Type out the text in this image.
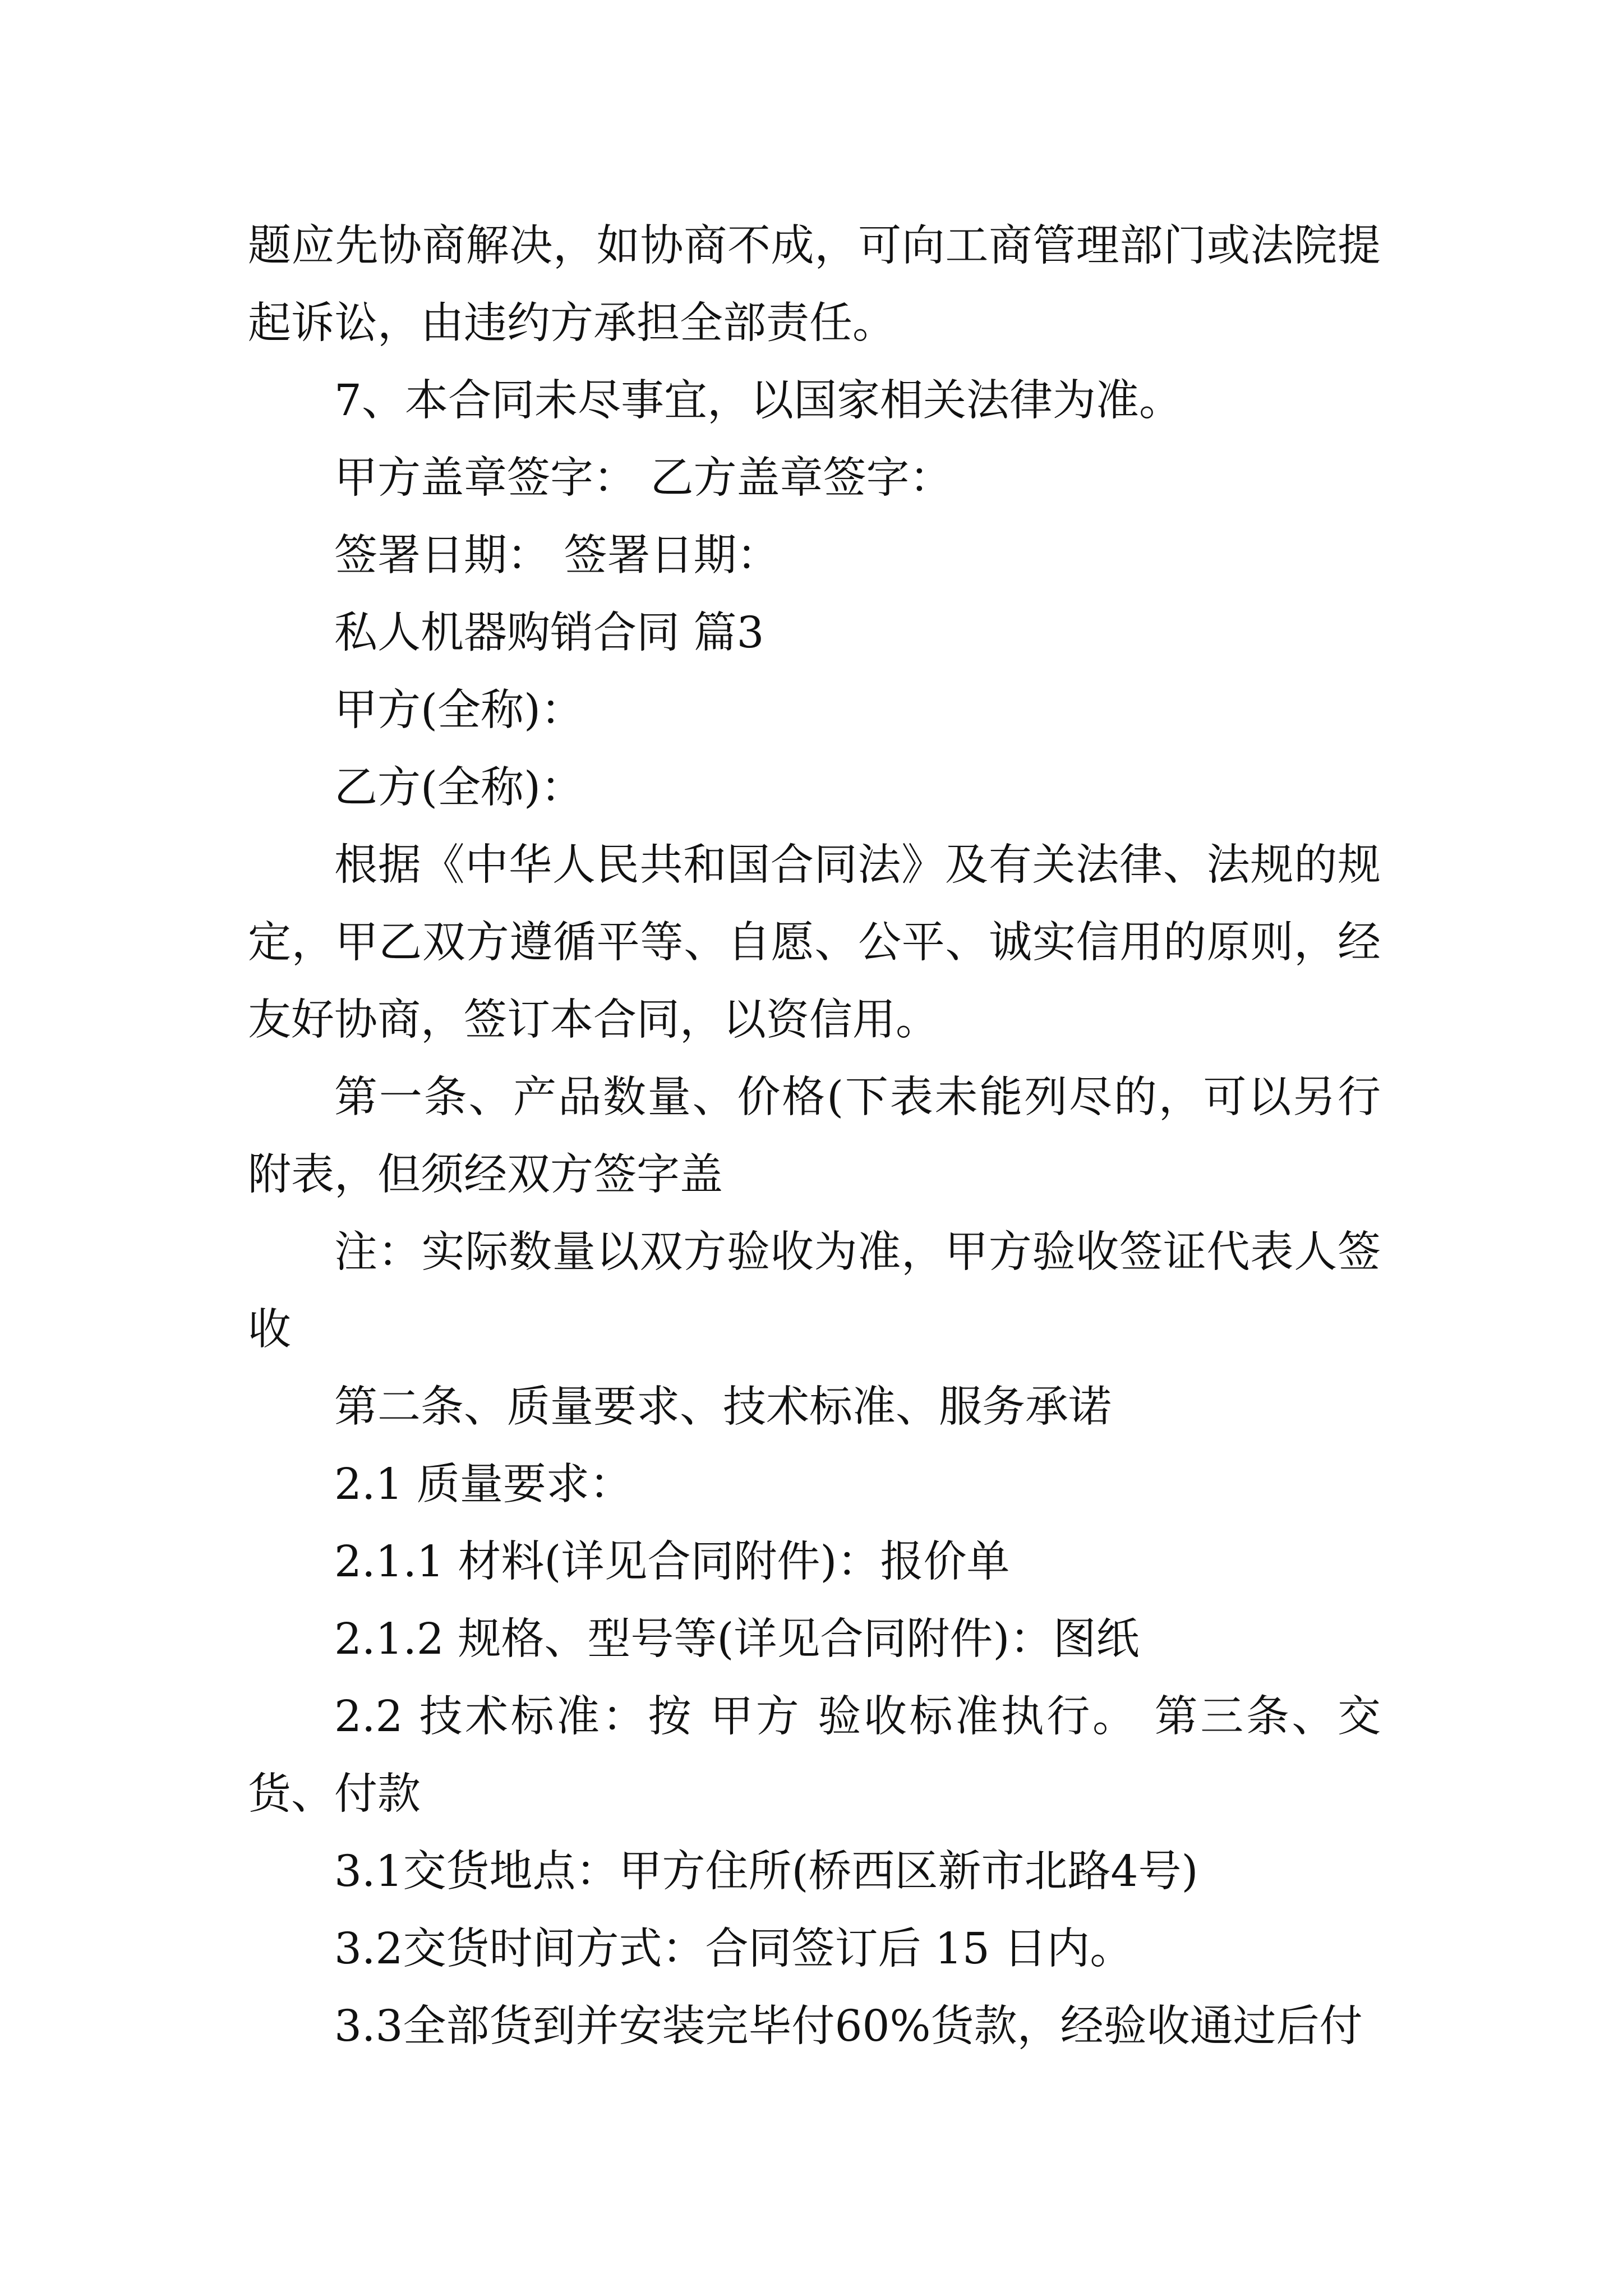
题应先协商解决，如协商不成，可向工商管理部门或法院提起诉讼，由违约方承担全部责任。

7、本合同未尽事宜，以国家相关法律为准。

甲方盖章签字： 乙方盖章签字：

签署日期： 签署日期：

私人机器购销合同 篇3

甲方(全称)：

乙方(全称)：

根据《中华人民共和国合同法》及有关法律、法规的规定，甲乙双方遵循平等、自愿、公平、诚实信用的原则，经友好协商，签订本合同，以资信用。

第一条、产品数量、价格(下表未能列尽的，可以另行附表，但须经双方签字盖

注：实际数量以双方验收为准，甲方验收签证代表人签收

第二条、质量要求、技术标准、服务承诺

2.1 质量要求：

2.1.1 材料(详见合同附件)：报价单

2.1.2 规格、型号等(详见合同附件)：图纸

2.2 技术标准：按 甲方 验收标准执行。 第三条、交货、付款

3.1交货地点：甲方住所(桥西区新市北路4号)

3.2交货时间方式：合同签订后 15 日内。

3.3全部货到并安装完毕付60%货款，经验收通过后付
